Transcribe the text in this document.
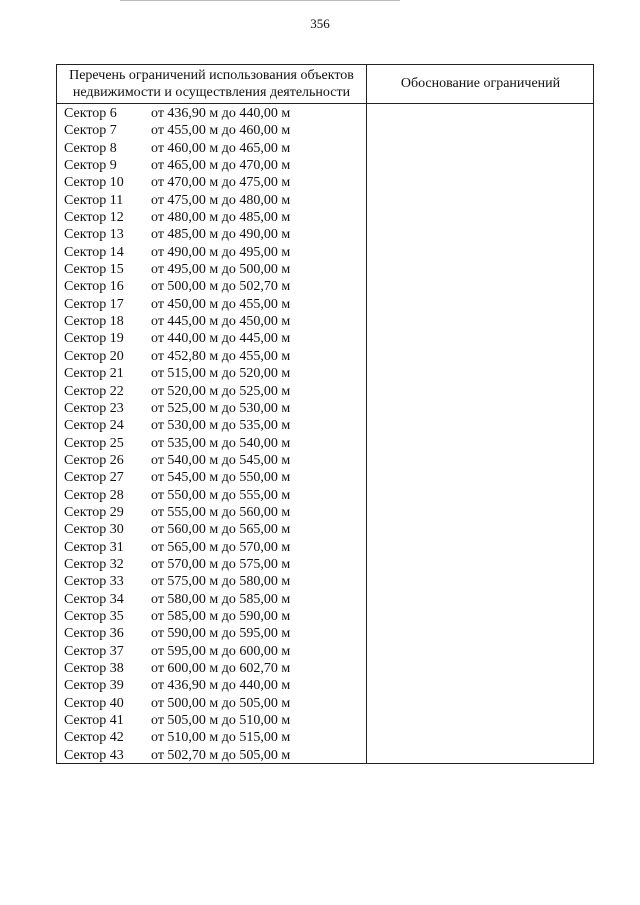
356
Перечень ограничений использования объектов недвижимости и осуществления деятельности
Обоснование ограничений
Сектор 6	от 436,90 м до 440,00 м
Сектор 7	от 455,00 м до 460,00 м
Сектор 8	от 460,00 м до 465,00 м
Сектор 9	от 465,00 м до 470,00 м
Сектор 10	от 470,00 м до 475,00 м
Сектор 11	от 475,00 м до 480,00 м
Сектор 12	от 480,00 м до 485,00 м
Сектор 13	от 485,00 м до 490,00 м
Сектор 14	от 490,00 м до 495,00 м
Сектор 15	от 495,00 м до 500,00 м
Сектор 16	от 500,00 м до 502,70 м
Сектор 17	от 450,00 м до 455,00 м
Сектор 18	от 445,00 м до 450,00 м
Сектор 19	от 440,00 м до 445,00 м
Сектор 20	от 452,80 м до 455,00 м
Сектор 21	от 515,00 м до 520,00 м
Сектор 22	от 520,00 м до 525,00 м
Сектор 23	от 525,00 м до 530,00 м
Сектор 24	от 530,00 м до 535,00 м
Сектор 25	от 535,00 м до 540,00 м
Сектор 26	от 540,00 м до 545,00 м
Сектор 27	от 545,00 м до 550,00 м
Сектор 28	от 550,00 м до 555,00 м
Сектор 29	от 555,00 м до 560,00 м
Сектор 30	от 560,00 м до 565,00 м
Сектор 31	от 565,00 м до 570,00 м
Сектор 32	от 570,00 м до 575,00 м
Сектор 33	от 575,00 м до 580,00 м
Сектор 34	от 580,00 м до 585,00 м
Сектор 35	от 585,00 м до 590,00 м
Сектор 36	от 590,00 м до 595,00 м
Сектор 37	от 595,00 м до 600,00 м
Сектор 38	от 600,00 м до 602,70 м
Сектор 39	от 436,90 м до 440,00 м
Сектор 40	от 500,00 м до 505,00 м
Сектор 41	от 505,00 м до 510,00 м
Сектор 42	от 510,00 м до 515,00 м
Сектор 43	от 502,70 м до 505,00 м
